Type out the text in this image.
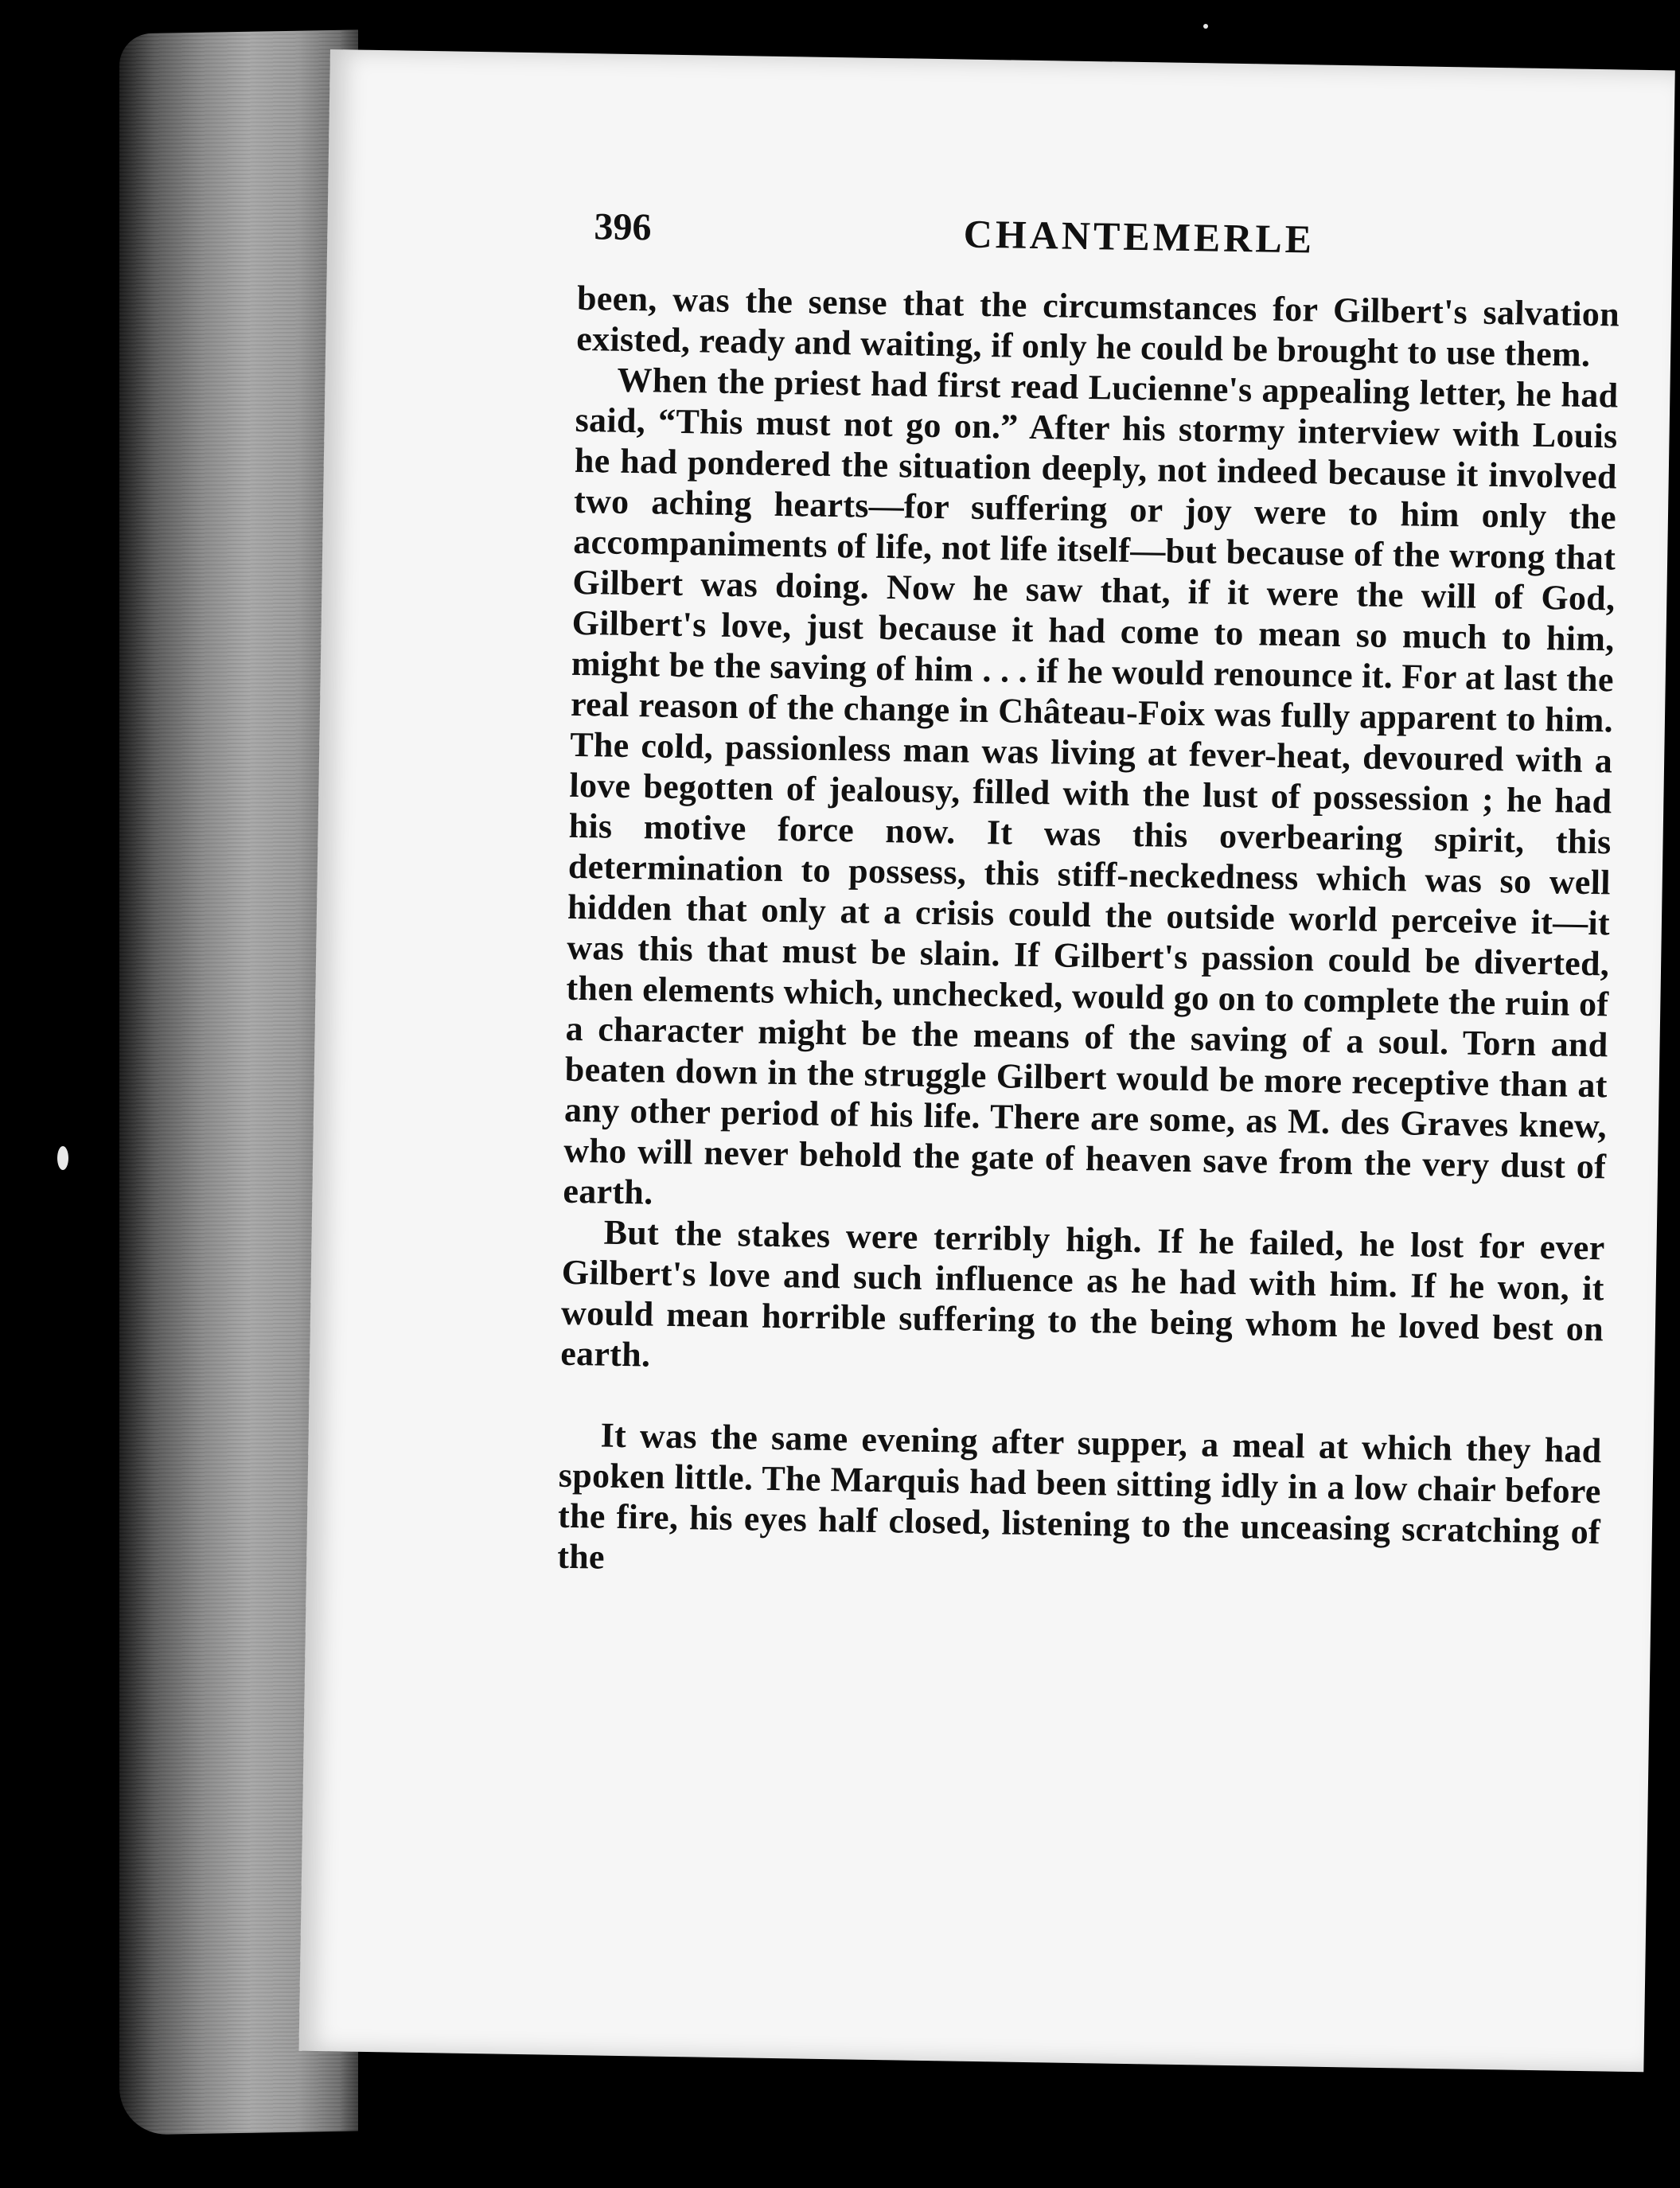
396	CHANTEMERLE

been, was the sense that the circumstances for Gilbert's salvation existed, ready and waiting, if only he could be brought to use them.

When the priest had first read Lucienne's appealing letter, he had said, “This must not go on.” After his stormy interview with Louis he had pondered the situation deeply, not indeed because it involved two aching hearts—for suffering or joy were to him only the accompaniments of life, not life itself—but because of the wrong that Gilbert was doing. Now he saw that, if it were the will of God, Gilbert's love, just because it had come to mean so much to him, might be the saving of him . . . if he would renounce it. For at last the real reason of the change in Château-Foix was fully apparent to him. The cold, passionless man was living at fever-heat, devoured with a love begotten of jealousy, filled with the lust of possession ; he had his motive force now. It was this overbearing spirit, this determination to possess, this stiff-neckedness which was so well hidden that only at a crisis could the outside world perceive it—it was this that must be slain. If Gilbert's passion could be diverted, then elements which, unchecked, would go on to complete the ruin of a character might be the means of the saving of a soul. Torn and beaten down in the struggle Gilbert would be more receptive than at any other period of his life. There are some, as M. des Graves knew, who will never behold the gate of heaven save from the very dust of earth.

But the stakes were terribly high. If he failed, he lost for ever Gilbert's love and such influence as he had with him. If he won, it would mean horrible suffering to the being whom he loved best on earth.

It was the same evening after supper, a meal at which they had spoken little. The Marquis had been sitting idly in a low chair before the fire, his eyes half closed, listening to the unceasing scratching of the
